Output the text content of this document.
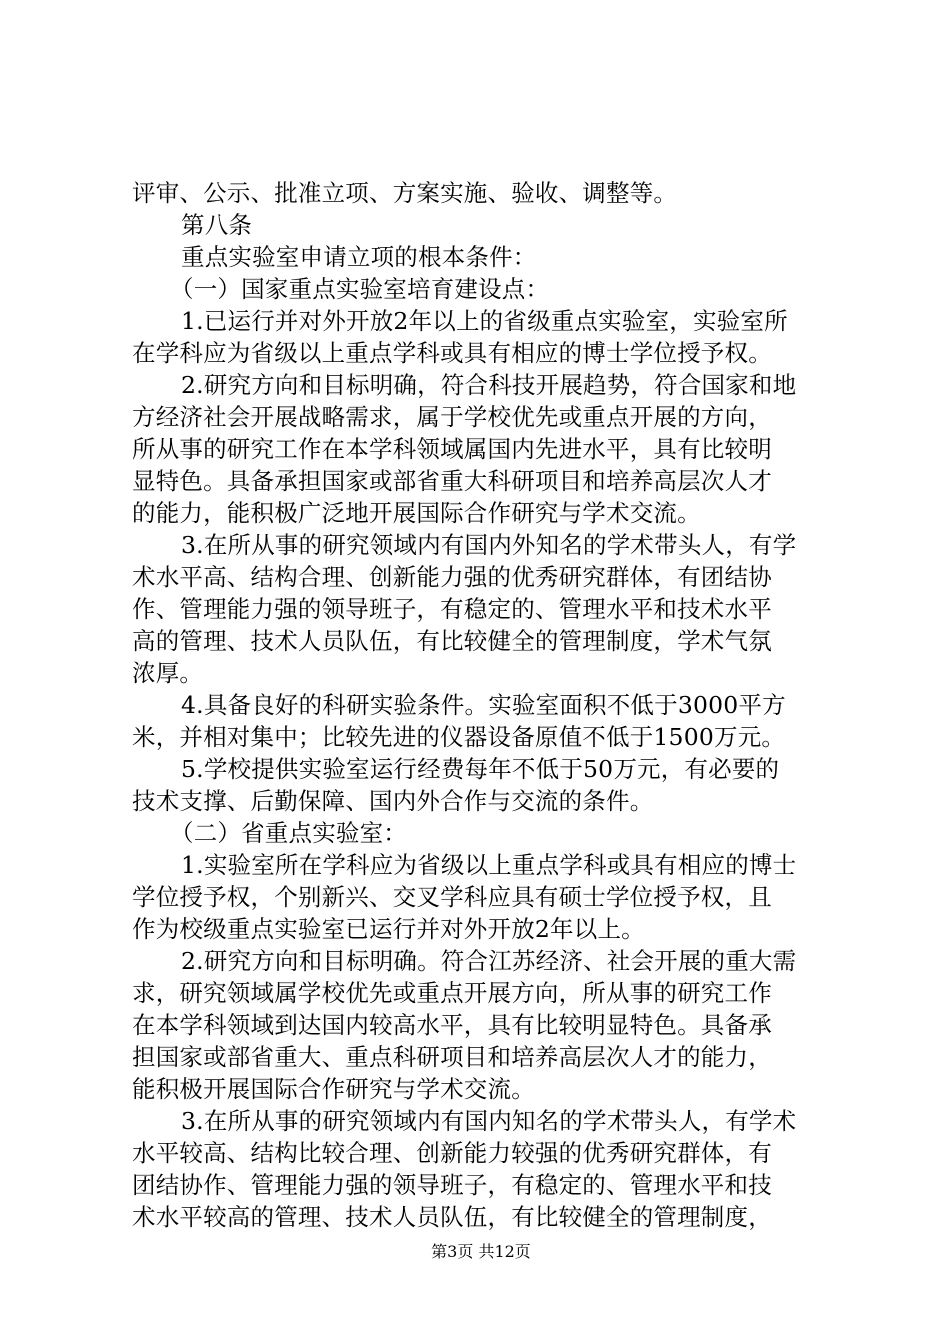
评审、公示、批准立项、方案实施、验收、调整等。
第八条
重点实验室申请立项的根本条件：
（一）国家重点实验室培育建设点：
1.已运行并对外开放2年以上的省级重点实验室，实验室所
在学科应为省级以上重点学科或具有相应的博士学位授予权。
2.研究方向和目标明确，符合科技开展趋势，符合国家和地
方经济社会开展战略需求，属于学校优先或重点开展的方向，
所从事的研究工作在本学科领域属国内先进水平，具有比较明
显特色。具备承担国家或部省重大科研项目和培养高层次人才
的能力，能积极广泛地开展国际合作研究与学术交流。
3.在所从事的研究领域内有国内外知名的学术带头人，有学
术水平高、结构合理、创新能力强的优秀研究群体，有团结协
作、管理能力强的领导班子，有稳定的、管理水平和技术水平
高的管理、技术人员队伍，有比较健全的管理制度，学术气氛
浓厚。
4.具备良好的科研实验条件。实验室面积不低于3000平方
米，并相对集中；比较先进的仪器设备原值不低于1500万元。
5.学校提供实验室运行经费每年不低于50万元，有必要的
技术支撑、后勤保障、国内外合作与交流的条件。
（二）省重点实验室：
1.实验室所在学科应为省级以上重点学科或具有相应的博士
学位授予权，个别新兴、交叉学科应具有硕士学位授予权，且
作为校级重点实验室已运行并对外开放2年以上。
2.研究方向和目标明确。符合江苏经济、社会开展的重大需
求，研究领域属学校优先或重点开展方向，所从事的研究工作
在本学科领域到达国内较高水平，具有比较明显特色。具备承
担国家或部省重大、重点科研项目和培养高层次人才的能力，
能积极开展国际合作研究与学术交流。
3.在所从事的研究领域内有国内知名的学术带头人，有学术
水平较高、结构比较合理、创新能力较强的优秀研究群体，有
团结协作、管理能力强的领导班子，有稳定的、管理水平和技
术水平较高的管理、技术人员队伍，有比较健全的管理制度，
第3页 共12页
